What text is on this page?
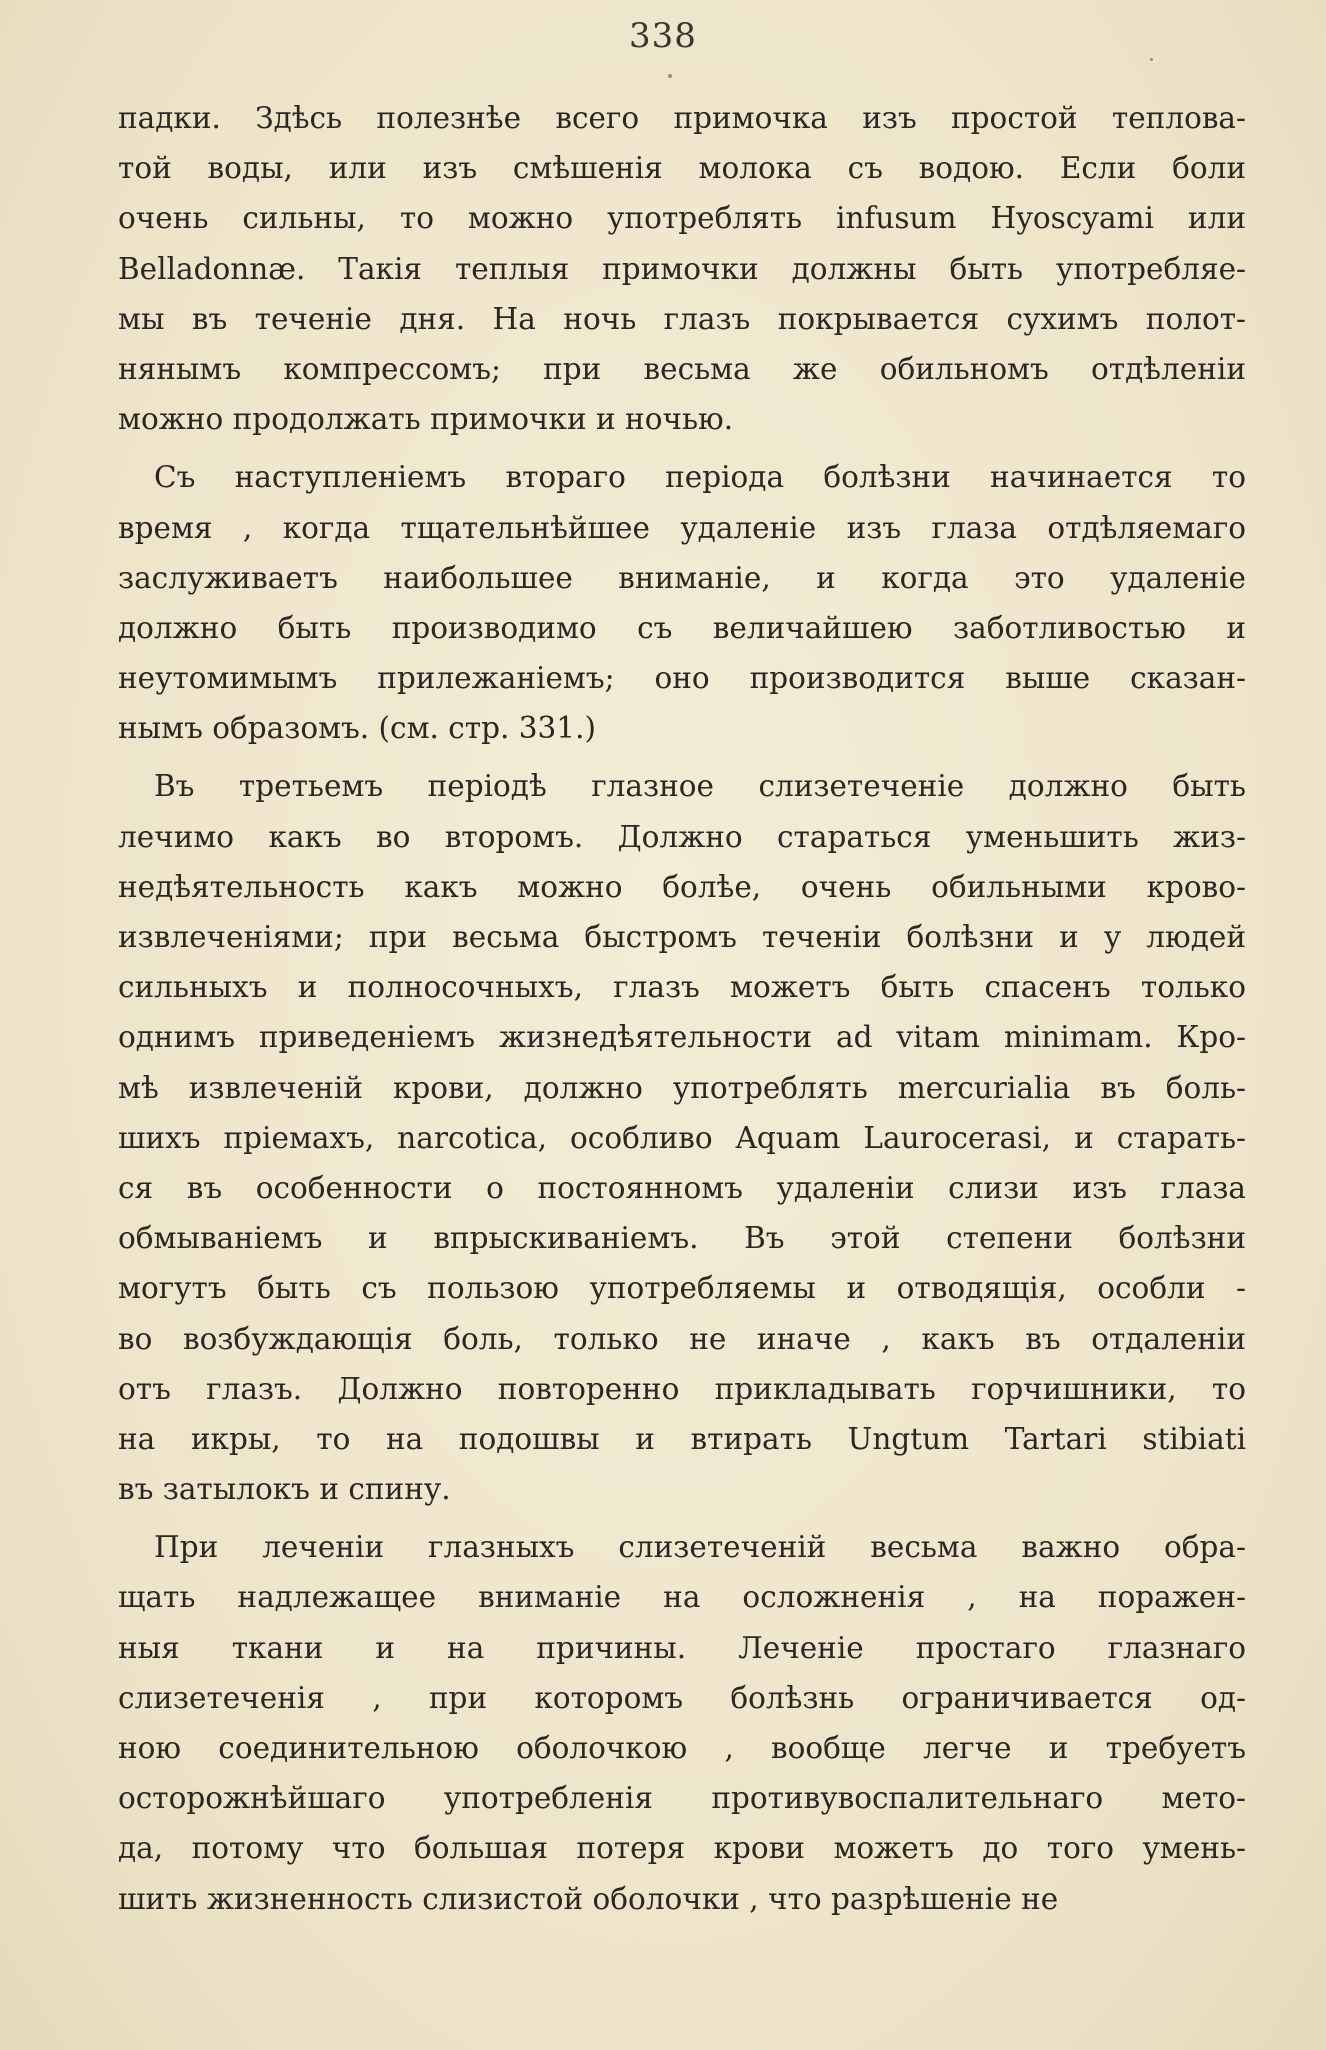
338
падки. Здѣсь полезнѣе всего примочка изъ простой теплова-
той воды, или изъ смѣшенія молока съ водою. Если боли
очень сильны, то можно употреблять infusum Hyoscyami или
Belladonnæ. Такія теплыя примочки должны быть употребляе-
мы въ теченіе дня. На ночь глазъ покрывается сухимъ полот-
нянымъ компрессомъ; при весьма же обильномъ отдѣленіи
можно продолжать примочки и ночью.
Съ наступленіемъ втораго періода болѣзни начинается то
время , когда тщательнѣйшее удаленіе изъ глаза отдѣляемаго
заслуживаетъ наибольшее вниманіе, и когда это удаленіе
должно быть производимо съ величайшею заботливостью и
неутомимымъ прилежаніемъ; оно производится выше сказан-
нымъ образомъ. (см. стр. 331.)
Въ третьемъ періодѣ глазное слизетеченіе должно быть
лечимо какъ во второмъ. Должно стараться уменьшить жиз-
недѣятельность какъ можно болѣе, очень обильными крово-
извлеченіями; при весьма быстромъ теченіи болѣзни и у людей
сильныхъ и полносочныхъ, глазъ можетъ быть спасенъ только
однимъ приведеніемъ жизнедѣятельности ad vitam minimam. Кро-
мѣ извлеченій крови, должно употреблять mercurialia въ боль-
шихъ пріемахъ, narcotica, особливо Aquam Laurocerasi, и старать-
ся въ особенности о постоянномъ удаленіи слизи изъ глаза
обмываніемъ и впрыскиваніемъ. Въ этой степени болѣзни
могутъ быть съ пользою употребляемы и отводящія, особли -
во возбуждающія боль, только не иначе , какъ въ отдаленіи
отъ глазъ. Должно повторенно прикладывать горчишники, то
на икры, то на подошвы и втирать Ungtum Tartari stibiati
въ затылокъ и спину.
При леченіи глазныхъ слизетеченій весьма важно обра-
щать надлежащее вниманіе на осложненія , на поражен-
ныя ткани и на причины. Леченіе простаго глазнаго
слизетеченія , при которомъ болѣзнь ограничивается од-
ною соединительною оболочкою , вообще легче и требуетъ
осторожнѣйшаго употребленія противувоспалительнаго мето-
да, потому что большая потеря крови можетъ до того умень-
шить жизненность слизистой оболочки , что разрѣшеніе не
